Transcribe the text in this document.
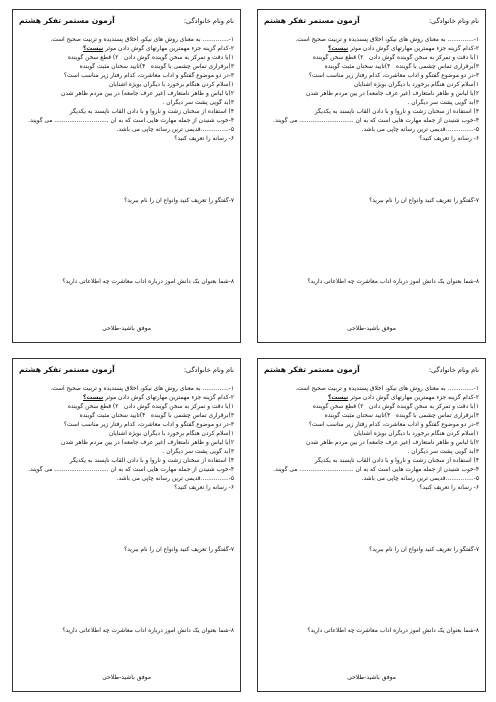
نام ونام خانوادگی:
آزمون مستمر تفکر هشتم
۱-.............. به معنای روش های نیکو، اخلاق پسندیده و تربیت صحیح است.
۲-کدام گزینه جزء مهمترین مهارتهای گوش دادن موثر نیست؟
۱)با دقت و تمرکز به سخن گوینده گوش دادن   ۲) قطع سخن گوینده
۳)برقراری تماس چشمی با گوینده   ۴)تایید سخنان مثبت گوینده
۳-در دو موضوع گفتگو و آداب معاشرت، کدام رفتار زیر مناسب است؟
۱)سلام کردن هنگام برخورد با دیگران بویژه آشنایان
۲)با لباس و ظاهر نامتعارف (غیر عرف جامعه) در بین مردم ظاهر شدن
۳)بد گویی پشت سر دیگران .
۴) استفاده از سخنان زشت و ناروا و با دادن القاب ناپسند به یکدیگر
۴-خوب شنیدن از جمله مهارت هایی است که به آن ............................. می گویند.
۵-...............قدیمی ترین رسانه چاپی می باشد.
۶- رسانه را تعریف کنید؟
۷-گفتگو را تعریف کنید وانواع آن را نام ببرید؟
۸-شما بعنوان یک دانش آموز درباره آداب معاشرت چه اطلاعاتی دارید؟
موفق باشید-طلاحی
نام ونام خانوادگی:
آزمون مستمر تفکر هشتم
۱-.............. به معنای روش های نیکو، اخلاق پسندیده و تربیت صحیح است.
۲-کدام گزینه جزء مهمترین مهارتهای گوش دادن موثر نیست؟
۱)با دقت و تمرکز به سخن گوینده گوش دادن   ۲) قطع سخن گوینده
۳)برقراری تماس چشمی با گوینده   ۴)تایید سخنان مثبت گوینده
۳-در دو موضوع گفتگو و آداب معاشرت، کدام رفتار زیر مناسب است؟
۱)سلام کردن هنگام برخورد با دیگران بویژه آشنایان
۲)با لباس و ظاهر نامتعارف (غیر عرف جامعه) در بین مردم ظاهر شدن
۳)بد گویی پشت سر دیگران .
۴) استفاده از سخنان زشت و ناروا و با دادن القاب ناپسند به یکدیگر
۴-خوب شنیدن از جمله مهارت هایی است که به آن ............................. می گویند.
۵-...............قدیمی ترین رسانه چاپی می باشد.
۶- رسانه را تعریف کنید؟
۷-گفتگو را تعریف کنید وانواع آن را نام ببرید؟
۸-شما بعنوان یک دانش آموز درباره آداب معاشرت چه اطلاعاتی دارید؟
موفق باشید-طلاحی
نام ونام خانوادگی:
آزمون مستمر تفکر هشتم
۱-.............. به معنای روش های نیکو، اخلاق پسندیده و تربیت صحیح است.
۲-کدام گزینه جزء مهمترین مهارتهای گوش دادن موثر نیست؟
۱)با دقت و تمرکز به سخن گوینده گوش دادن   ۲) قطع سخن گوینده
۳)برقراری تماس چشمی با گوینده   ۴)تایید سخنان مثبت گوینده
۳-در دو موضوع گفتگو و آداب معاشرت، کدام رفتار زیر مناسب است؟
۱)سلام کردن هنگام برخورد با دیگران بویژه آشنایان
۲)با لباس و ظاهر نامتعارف (غیر عرف جامعه) در بین مردم ظاهر شدن
۳)بد گویی پشت سر دیگران .
۴) استفاده از سخنان زشت و ناروا و با دادن القاب ناپسند به یکدیگر
۴-خوب شنیدن از جمله مهارت هایی است که به آن ............................. می گویند.
۵-...............قدیمی ترین رسانه چاپی می باشد.
۶- رسانه را تعریف کنید؟
۷-گفتگو را تعریف کنید وانواع آن را نام ببرید؟
۸-شما بعنوان یک دانش آموز درباره آداب معاشرت چه اطلاعاتی دارید؟
موفق باشید-طلاحی
نام ونام خانوادگی:
آزمون مستمر تفکر هشتم
۱-.............. به معنای روش های نیکو، اخلاق پسندیده و تربیت صحیح است.
۲-کدام گزینه جزء مهمترین مهارتهای گوش دادن موثر نیست؟
۱)با دقت و تمرکز به سخن گوینده گوش دادن   ۲) قطع سخن گوینده
۳)برقراری تماس چشمی با گوینده   ۴)تایید سخنان مثبت گوینده
۳-در دو موضوع گفتگو و آداب معاشرت، کدام رفتار زیر مناسب است؟
۱)سلام کردن هنگام برخورد با دیگران بویژه آشنایان
۲)با لباس و ظاهر نامتعارف (غیر عرف جامعه) در بین مردم ظاهر شدن
۳)بد گویی پشت سر دیگران .
۴) استفاده از سخنان زشت و ناروا و با دادن القاب ناپسند به یکدیگر
۴-خوب شنیدن از جمله مهارت هایی است که به آن ............................. می گویند.
۵-...............قدیمی ترین رسانه چاپی می باشد.
۶- رسانه را تعریف کنید؟
۷-گفتگو را تعریف کنید وانواع آن را نام ببرید؟
۸-شما بعنوان یک دانش آموز درباره آداب معاشرت چه اطلاعاتی دارید؟
موفق باشید-طلاحی
